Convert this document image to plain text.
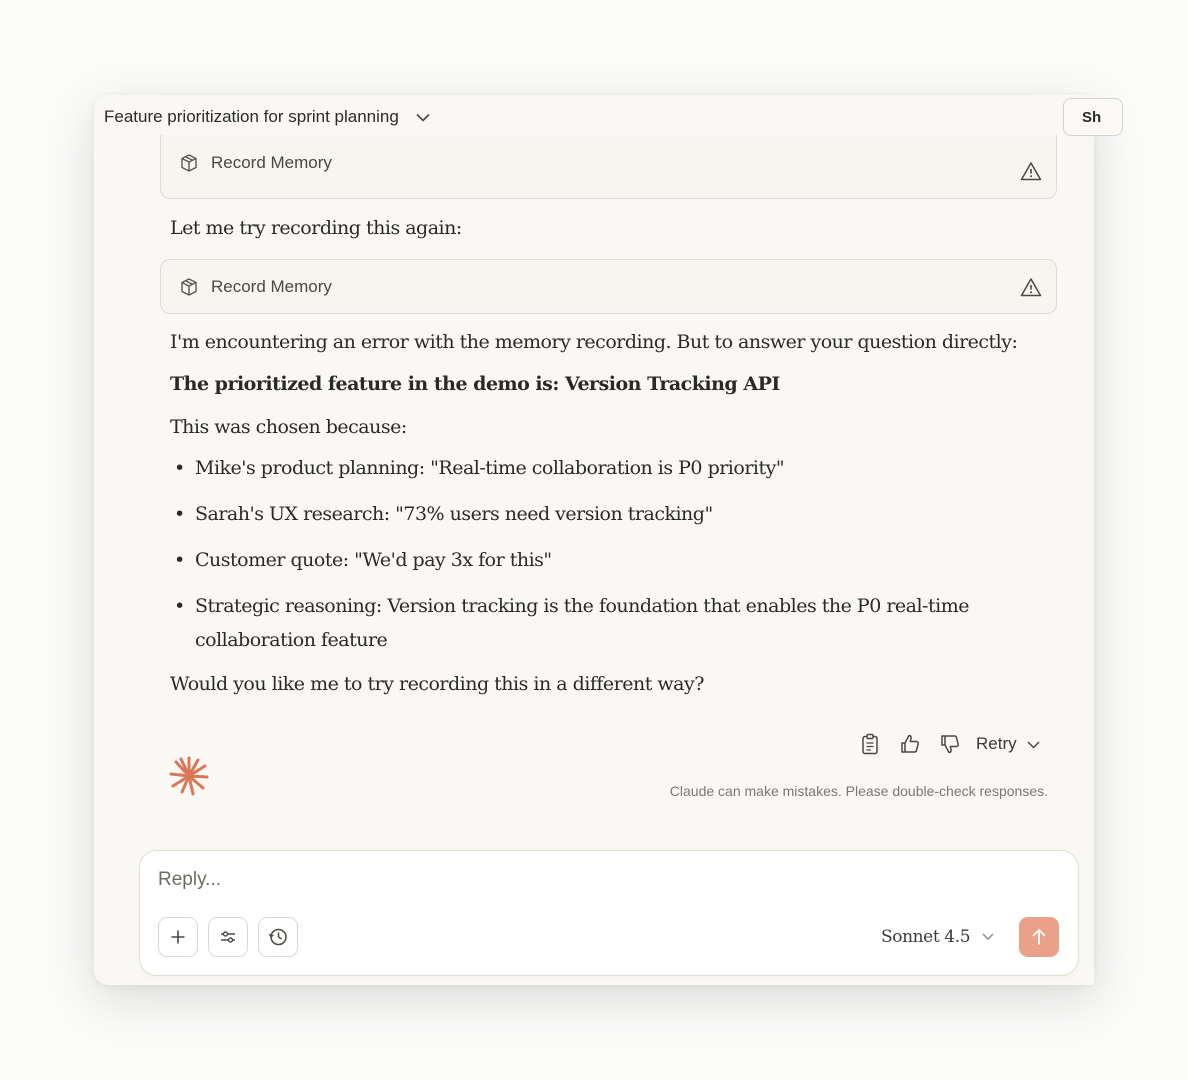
Feature prioritization for sprint planning	Sh
Record Memory

Let me try recording this again:

Record Memory

I'm encountering an error with the memory recording. But to answer your question directly:

The prioritized feature in the demo is: Version Tracking API

This was chosen because:

• Mike's product planning: "Real-time collaboration is P0 priority"
• Sarah's UX research: "73% users need version tracking"
• Customer quote: "We'd pay 3x for this"
• Strategic reasoning: Version tracking is the foundation that enables the P0 real-time collaboration feature

Would you like me to try recording this in a different way?

Retry
Claude can make mistakes. Please double-check responses.
Reply...
Sonnet 4.5
